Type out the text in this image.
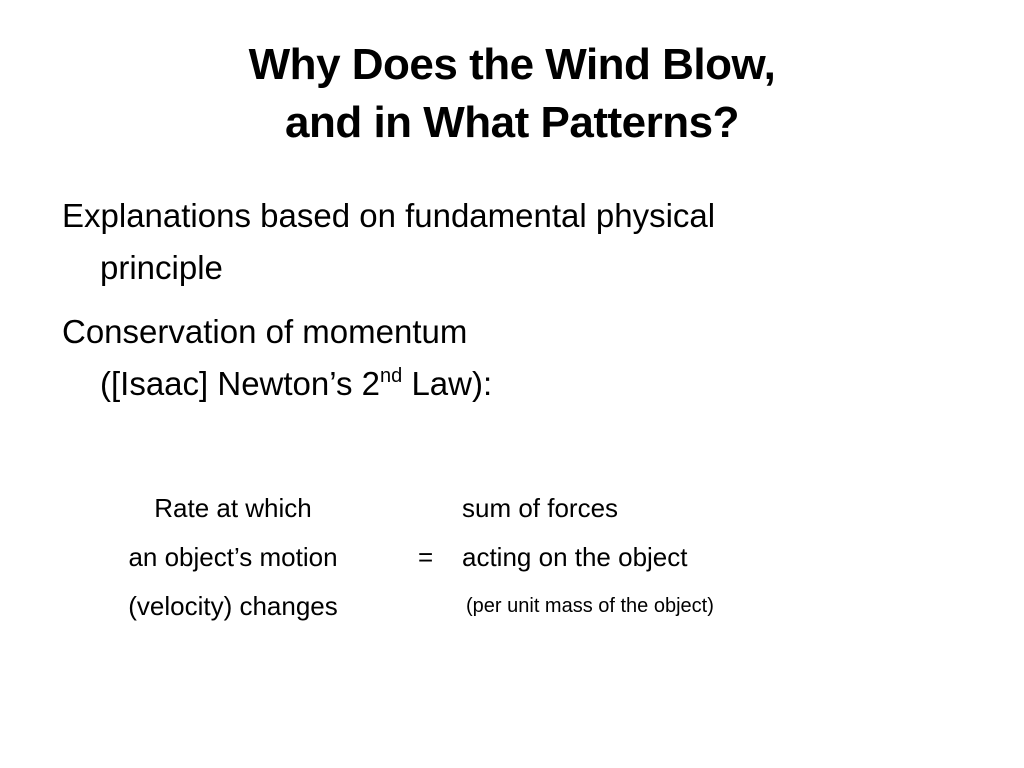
Why Does the Wind Blow,
and in What Patterns?
Explanations based on fundamental physical
principle
Conservation of momentum
([Isaac] Newton’s 2nd Law):
Rate at which
an object’s motion
(velocity) changes
=
sum of forces
acting on the object
(per unit mass of the object)
